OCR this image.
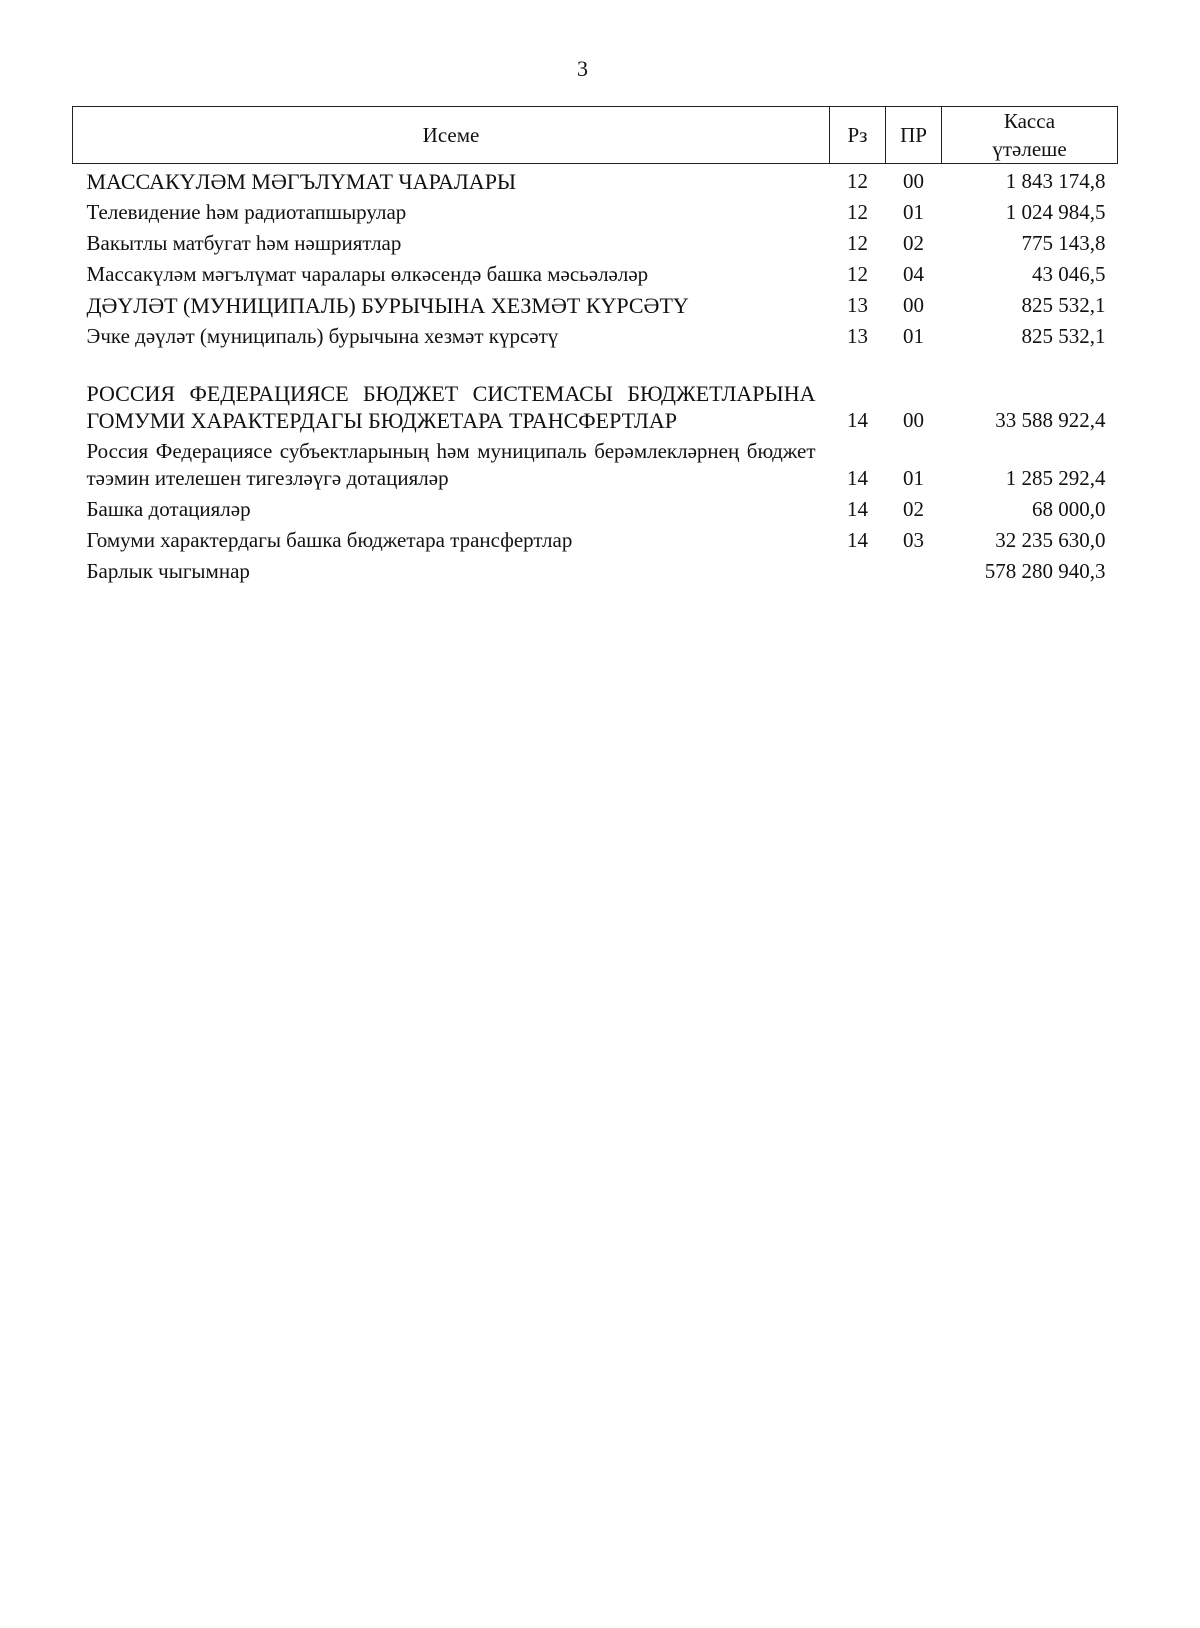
3
Исеме	Рз	ПР	Касса
үтәлеше

МАССАКҮЛӘМ МӘГЪЛҮМАТ ЧАРАЛАРЫ	12	00	1 843 174,8
Телевидение һәм радиотапшырулар	12	01	1 024 984,5
Вакытлы матбугат һәм нәшриятлар	12	02	775 143,8
Массакүләм мәгълүмат чаралары өлкәсендә башка мәсьәләләр	12	04	43 046,5
ДӘҮЛӘТ (МУНИЦИПАЛЬ) БУРЫЧЫНА ХЕЗМӘТ КҮРСӘТҮ	13	00	825 532,1
Эчке дәүләт (муниципаль) бурычына хезмәт күрсәтү	13	01	825 532,1
РОССИЯ ФЕДЕРАЦИЯСЕ БЮДЖЕТ СИСТЕМАСЫ БЮДЖЕТЛАРЫНА ГОМУМИ ХАРАКТЕРДАГЫ БЮДЖЕТАРА ТРАНСФЕРТЛАР	14	00	33 588 922,4
Россия Федерациясе субъектларының һәм муниципаль берәмлекләрнең бюджет тәэмин ителешен тигезләүгә дотацияләр	14	01	1 285 292,4
Башка дотацияләр	14	02	68 000,0
Гомуми характердагы башка бюджетара трансфертлар	14	03	32 235 630,0
Барлык чыгымнар			578 280 940,3
